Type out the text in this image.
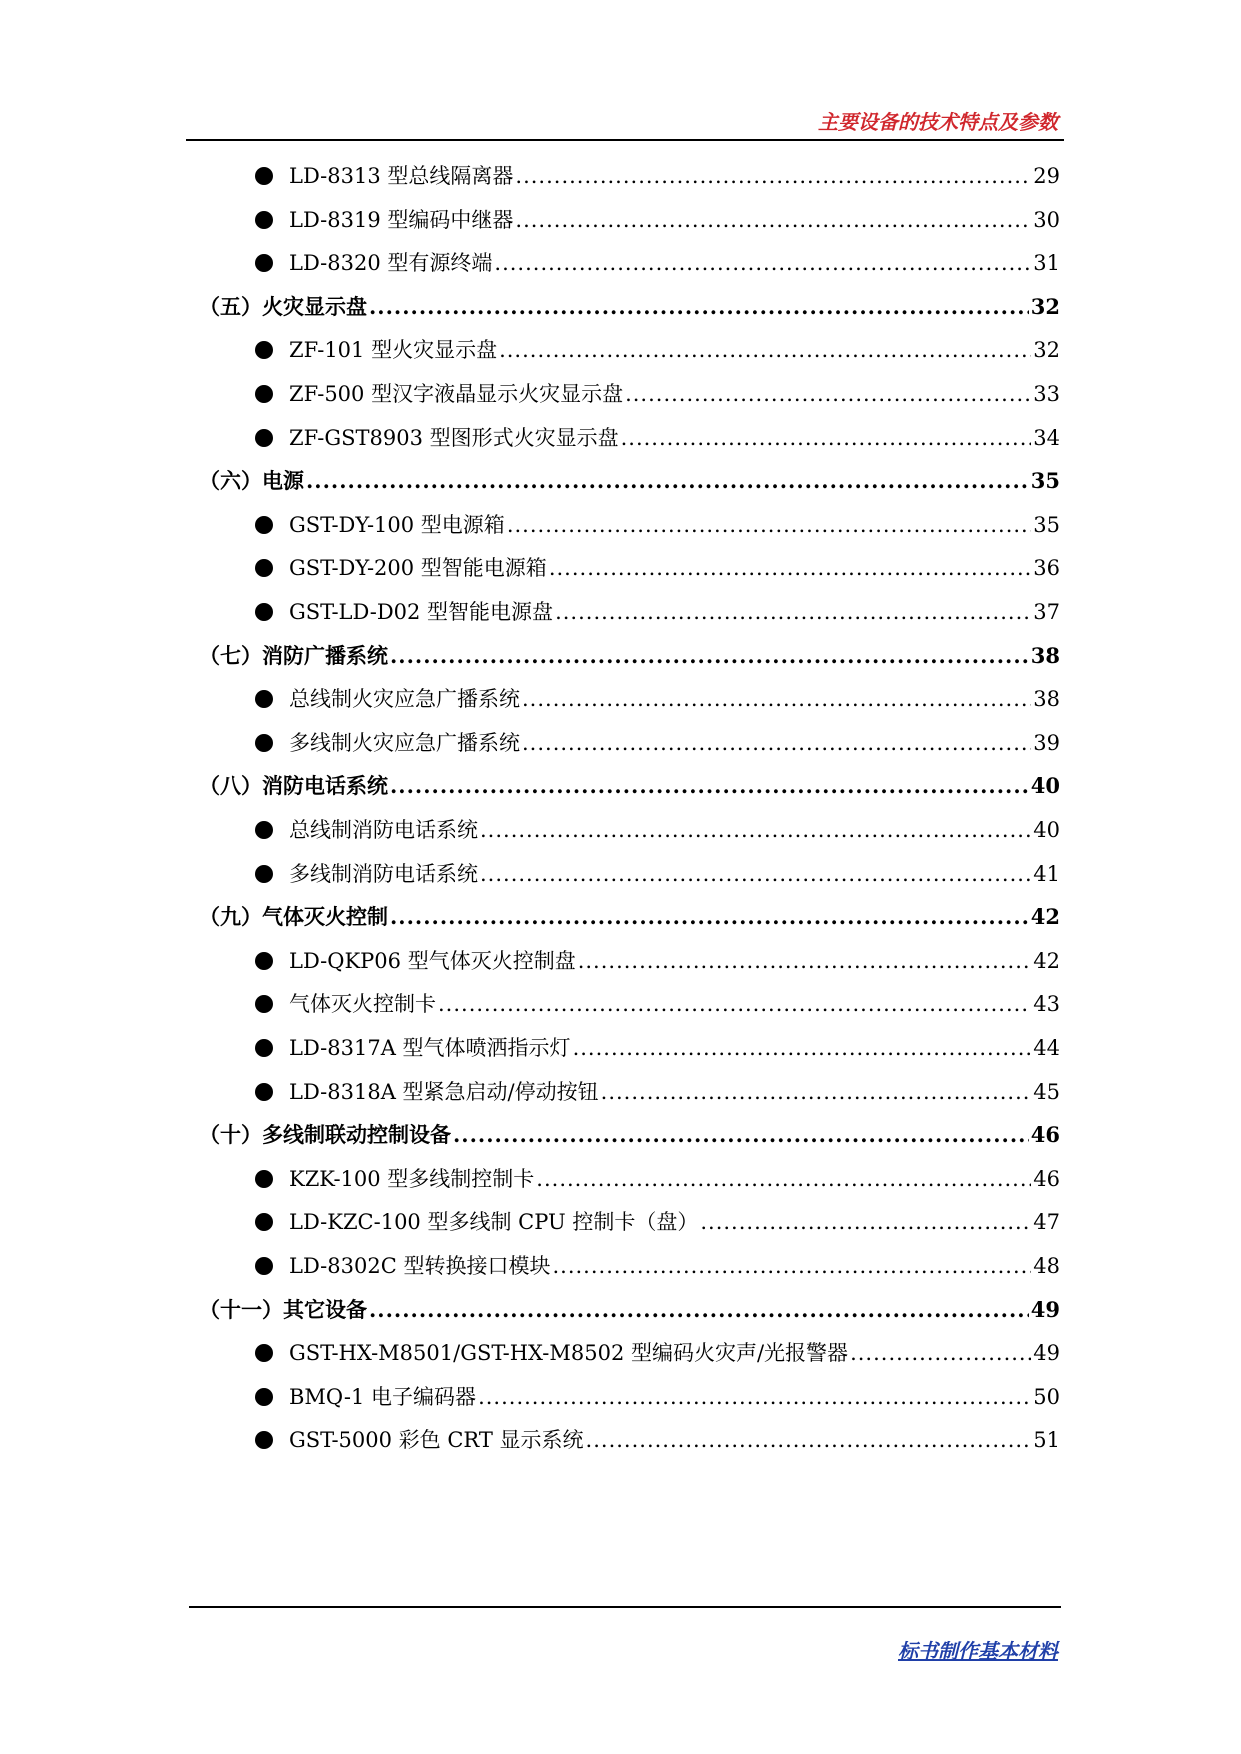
主要设备的技术特点及参数
LD-8313 型总线隔离器 .....	29
LD-8319 型编码中继器 .....	30
LD-8320 型有源终端 .....	31
（五）火灾显示盘 .....	32
ZF-101 型火灾显示盘 .....	32
ZF-500 型汉字液晶显示火灾显示盘 .....	33
ZF-GST8903 型图形式火灾显示盘 .....	34
（六）电源 .....	35
GST-DY-100 型电源箱 .....	35
GST-DY-200 型智能电源箱 .....	36
GST-LD-D02 型智能电源盘 .....	37
（七）消防广播系统 .....	38
总线制火灾应急广播系统 .....	38
多线制火灾应急广播系统 .....	39
（八）消防电话系统 .....	40
总线制消防电话系统 .....	40
多线制消防电话系统 .....	41
（九）气体灭火控制 .....	42
LD-QKP06 型气体灭火控制盘 .....	42
气体灭火控制卡 .....	43
LD-8317A 型气体喷洒指示灯 .....	44
LD-8318A 型紧急启动/停动按钮 .....	45
（十）多线制联动控制设备 .....	46
KZK-100 型多线制控制卡 .....	46
LD-KZC-100 型多线制 CPU 控制卡（盘） .....	47
LD-8302C 型转换接口模块 .....	48
（十一）其它设备 .....	49
GST-HX-M8501/GST-HX-M8502 型编码火灾声/光报警器 .....	49
BMQ-1 电子编码器 .....	50
GST-5000 彩色 CRT 显示系统 .....	51
标书制作基本材料
